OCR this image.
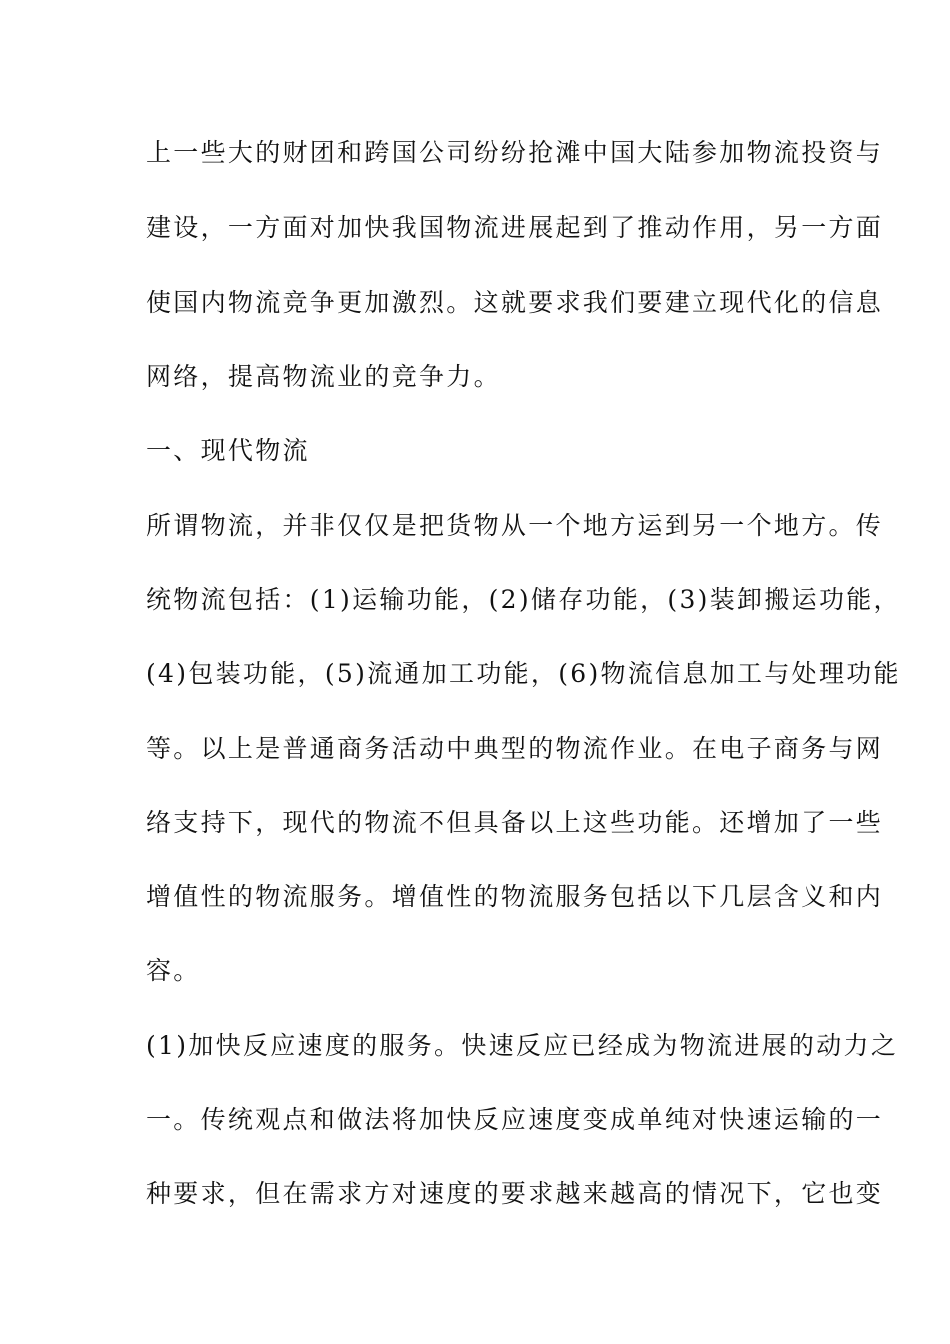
上一些大的财团和跨国公司纷纷抢滩中国大陆参加物流投资与
建设，一方面对加快我国物流进展起到了推动作用，另一方面
使国内物流竞争更加激烈。这就要求我们要建立现代化的信息
网络，提高物流业的竞争力。
一、现代物流
所谓物流，并非仅仅是把货物从一个地方运到另一个地方。传
统物流包括：(1)运输功能，(2)储存功能，(3)装卸搬运功能，
(4)包装功能，(5)流通加工功能，(6)物流信息加工与处理功能
等。以上是普通商务活动中典型的物流作业。在电子商务与网
络支持下，现代的物流不但具备以上这些功能。还增加了一些
增值性的物流服务。增值性的物流服务包括以下几层含义和内
容。
(1)加快反应速度的服务。快速反应已经成为物流进展的动力之
一。传统观点和做法将加快反应速度变成单纯对快速运输的一
种要求，但在需求方对速度的要求越来越高的情况下，它也变
